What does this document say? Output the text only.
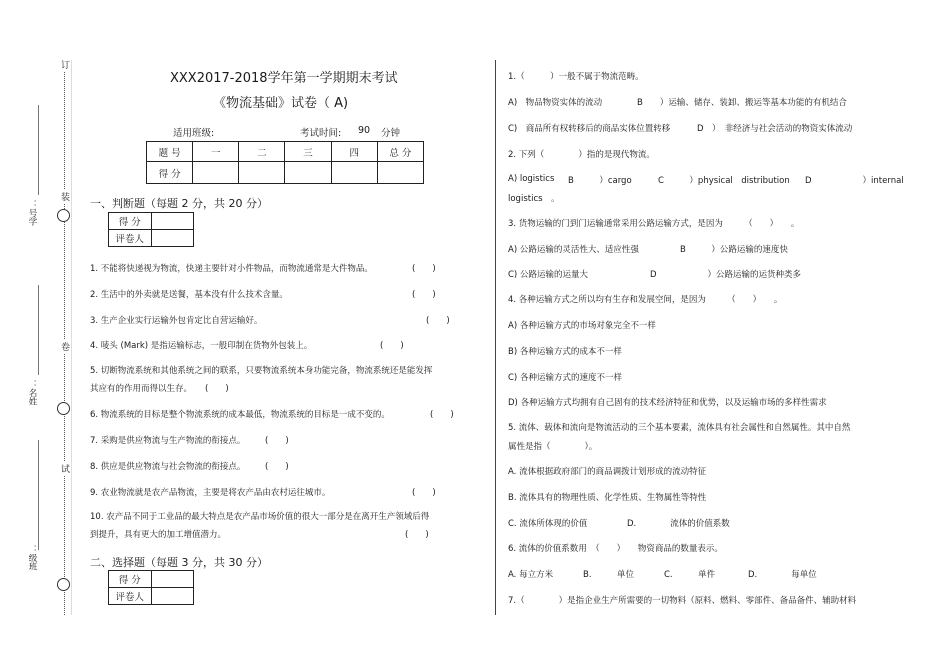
订
装
卷
试
：号学
：名姓
：级班
XXX2017-2018学年第一学期期末考试
《物流基础》试卷（ A)
适用班级:	考试时间: 90 分钟
题 号	一	二	三	四	总 分
得 分					
一、判断题（每题 2 分，共 20 分）
得 分	
评卷人	
1. 不能将快递视为物流，快递主要针对小件物品，而物流通常是大件物品。	(　　)
2. 生活中的外卖就是送餐，基本没有什么技术含量。	(　　)
3. 生产企业实行运输外包肯定比自营运输好。	(　　)
4. 唛头 (Mark) 是指运输标志，一般印制在货物外包装上。	(　　)
5. 切断物流系统和其他系统之间的联系，只要物流系统本身功能完备，物流系统还是能发挥
其应有的作用而得以生存。 (　　)
6. 物流系统的目标是整个物流系统的成本最低，物流系统的目标是一成不变的。	(　　)
7. 采购是供应物流与生产物流的衔接点。 (　　)
8. 供应是供应物流与社会物流的衔接点。 (　　)
9. 农业物流就是农产品物流，主要是将农产品由农村运往城市。	(　　)
10. 农产品不同于工业品的最大特点是农产品市场价值的很大一部分是在离开生产领域后得
到提升，具有更大的加工增值潜力。	(　　)
二、选择题（每题 3 分，共 30 分）
得 分	
评卷人	
1.（　　　）一般不属于物流范畴。
A)　物品物资实体的流动	B　　）运输、储存、装卸、搬运等基本功能的有机结合
C)　商品所有权转移后的商品实体位置转移	D　）　非经济与社会活动的物资实体流动
2. 下列（　　　　）指的是现代物流。
A) logistics B　　　）cargo	C　　　）physical　distribution D　　　　　　）internal
logistics　。
3. 货物运输的门到门运输通常采用公路运输方式，是因为　　　（　　）　　。
A) 公路运输的灵活性大、适应性强	B　　　）公路运输的速度快
C) 公路运输的运量大	D　　　　　　）公路运输的运货种类多
4. 各种运输方式之所以均有生存和发展空间，是因为　　　（　　）　　。
A) 各种运输方式的市场对象完全不一样
B) 各种运输方式的成本不一样
C) 各种运输方式的速度不一样
D) 各种运输方式均拥有自己固有的技术经济特征和优势，以及运输市场的多样性需求
5. 流体、载体和流向是物流活动的三个基本要素，流体具有社会属性和自然属性。其中自然
属性是指（　　　　）。
A. 流体根据政府部门的商品调拨计划形成的流动特征
B. 流体具有的物理性质、化学性质、生物属性等特性
C. 流体所体现的价值	D.　　　　流体的价值系数
6. 流体的价值系数用　（　　）　　物资商品的数量表示。
A. 每立方米	B.　　　单位	C.　　　单件	D.　　　　每单位
7.（　　　　）是指企业生产所需要的一切物料（原料、燃料、零部件、备品备件、辅助材料
